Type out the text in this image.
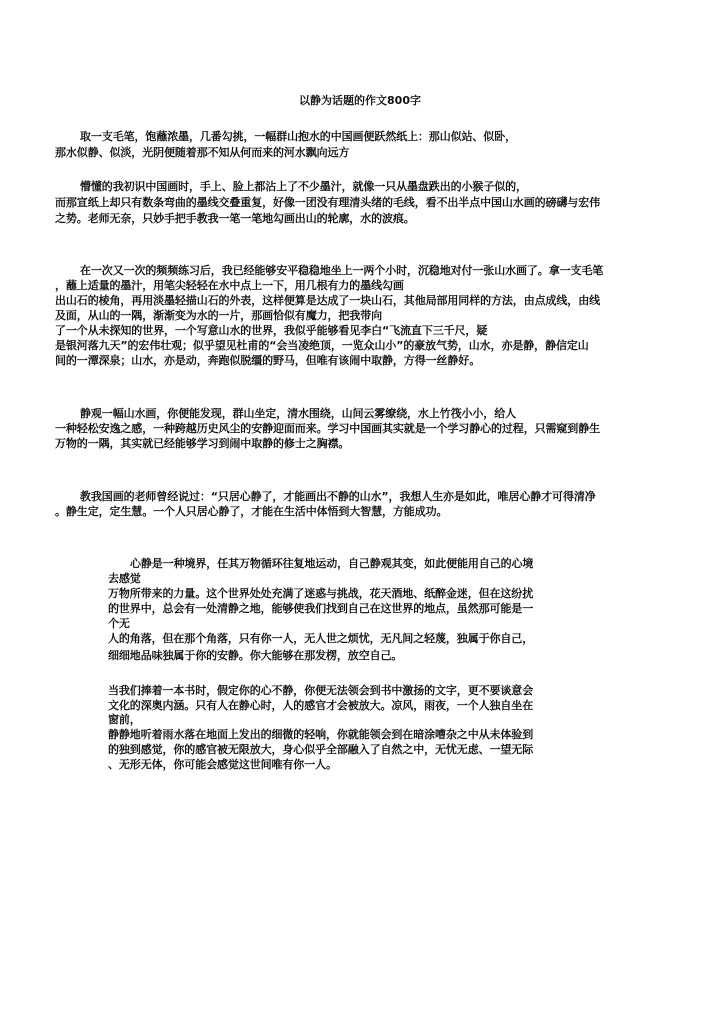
以静为话题的作文800字
取一支毛笔，饱蘸浓墨，几番勾挑，一幅群山抱水的中国画便跃然纸上：那山似站、似卧，
那水似静、似淡，光阴便随着那不知从何而来的河水飘向远方
懵懂的我初识中国画时，手上、脸上都沾上了不少墨汁，就像一只从墨盘跌出的小猴子似的，
而那宣纸上却只有数条弯曲的墨线交叠重复，好像一团没有理清头绪的毛线，看不出半点中国山水画的磅礴与宏伟
之势。老师无奈，只妙手把手教我一笔一笔地勾画出山的轮廓，水的波痕。
在一次又一次的频频练习后，我已经能够安平稳稳地坐上一两个小时，沉稳地对付一张山水画了。拿一支毛笔
，蘸上适量的墨汁，用笔尖轻轻在水中点上一下，用几根有力的墨线勾画
出山石的棱角，再用淡墨轻描山石的外表，这样便算是达成了一块山石，其他局部用同样的方法，由点成线，由线
及面，从山的一隅，渐渐变为水的一片，那画恰似有魔力，把我带向
了一个从未探知的世界，一个写意山水的世界，我似乎能够看见李白“飞流直下三千尺，疑
是银河落九天”的宏伟壮观；似乎望见杜甫的“会当凌绝顶，一览众山小”的豪放气势，山水，亦是静，静信定山
间的一潭深泉；山水，亦是动，奔跑似脱缰的野马，但唯有该闹中取静，方得一丝静好。
静观一幅山水画，你便能发现，群山坐定，清水围绕，山间云雾缭绕，水上竹筏小小，给人
一种轻松安逸之感，一种跨越历史风尘的安静迎面而来。学习中国画其实就是一个学习静心的过程，只需窥到静生
万物的一隅，其实就已经能够学习到闹中取静的修士之胸襟。
教我国画的老师曾经说过：“只居心静了，才能画出不静的山水”，我想人生亦是如此，唯居心静才可得清净
。静生定，定生慧。一个人只居心静了，才能在生活中体悟到大智慧，方能成功。
心静是一种境界，任其万物循环往复地运动，自己静观其变，如此便能用自己的心境
去感觉
万物所带来的力量。这个世界处处充满了迷惑与挑战，花天酒地、纸醉金迷，但在这纷扰
的世界中，总会有一处清静之地，能够使我们找到自己在这世界的地点，虽然那可能是一
个无
人的角落，但在那个角落，只有你一人，无人世之烦忧，无凡间之轻蔑，独属于你自己，
细细地品味独属于你的安静。你大能够在那发楞，放空自己。
当我们捧着一本书时，假定你的心不静，你便无法领会到书中激扬的文字，更不要谈意会
文化的深奥内涵。只有人在静心时，人的感官才会被放大。凉风，雨夜，一个人独自坐在
窗前，
静静地听着雨水落在地面上发出的细微的轻响，你就能领会到在暗涂嘈杂之中从未体验到
的独到感觉，你的感官被无限放大，身心似乎全部融入了自然之中，无忧无虑、一望无际
、无形无体，你可能会感觉这世间唯有你一人。
